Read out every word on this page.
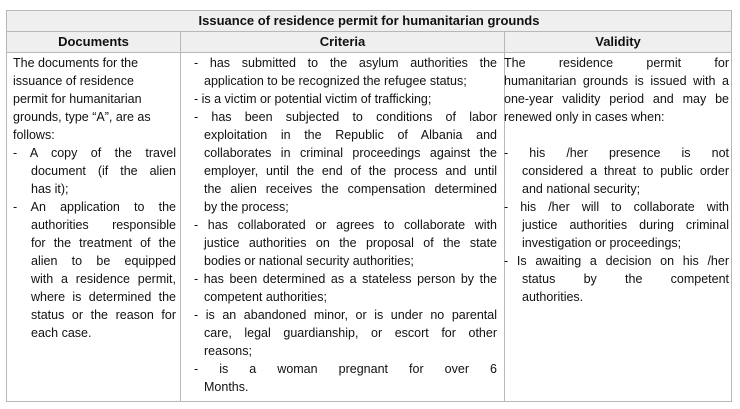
Issuance of residence permit for humanitarian grounds
Documents	Criteria	Validity
The documents for the
issuance of residence
permit for humanitarian
grounds, type “A”, are as
follows:
- A copy of the travel
document (if the alien
has it);
- An application to the
authorities responsible
for the treatment of the
alien to be equipped
with a residence permit,
where is determined the
status or the reason for
each case.
- has submitted to the asylum authorities the
application to be recognized the refugee status;
- is a victim or potential victim of trafficking;
- has been subjected to conditions of labor
exploitation in the Republic of Albania and
collaborates in criminal proceedings against the
employer, until the end of the process and until
the alien receives the compensation determined
by the process;
- has collaborated or agrees to collaborate with
justice authorities on the proposal of the state
bodies or national security authorities;
- has been determined as a stateless person by the
competent authorities;
- is an abandoned minor, or is under no parental
care, legal guardianship, or escort for other
reasons;
- is a woman pregnant for over 6
Months.
The residence permit for
humanitarian grounds is issued with a
one-year validity period and may be
renewed only in cases when:
- his /her presence is not
considered a threat to public order
and national security;
- his /her will to collaborate with
justice authorities during criminal
investigation or proceedings;
- Is awaiting a decision on his /her
status by the competent
authorities.
